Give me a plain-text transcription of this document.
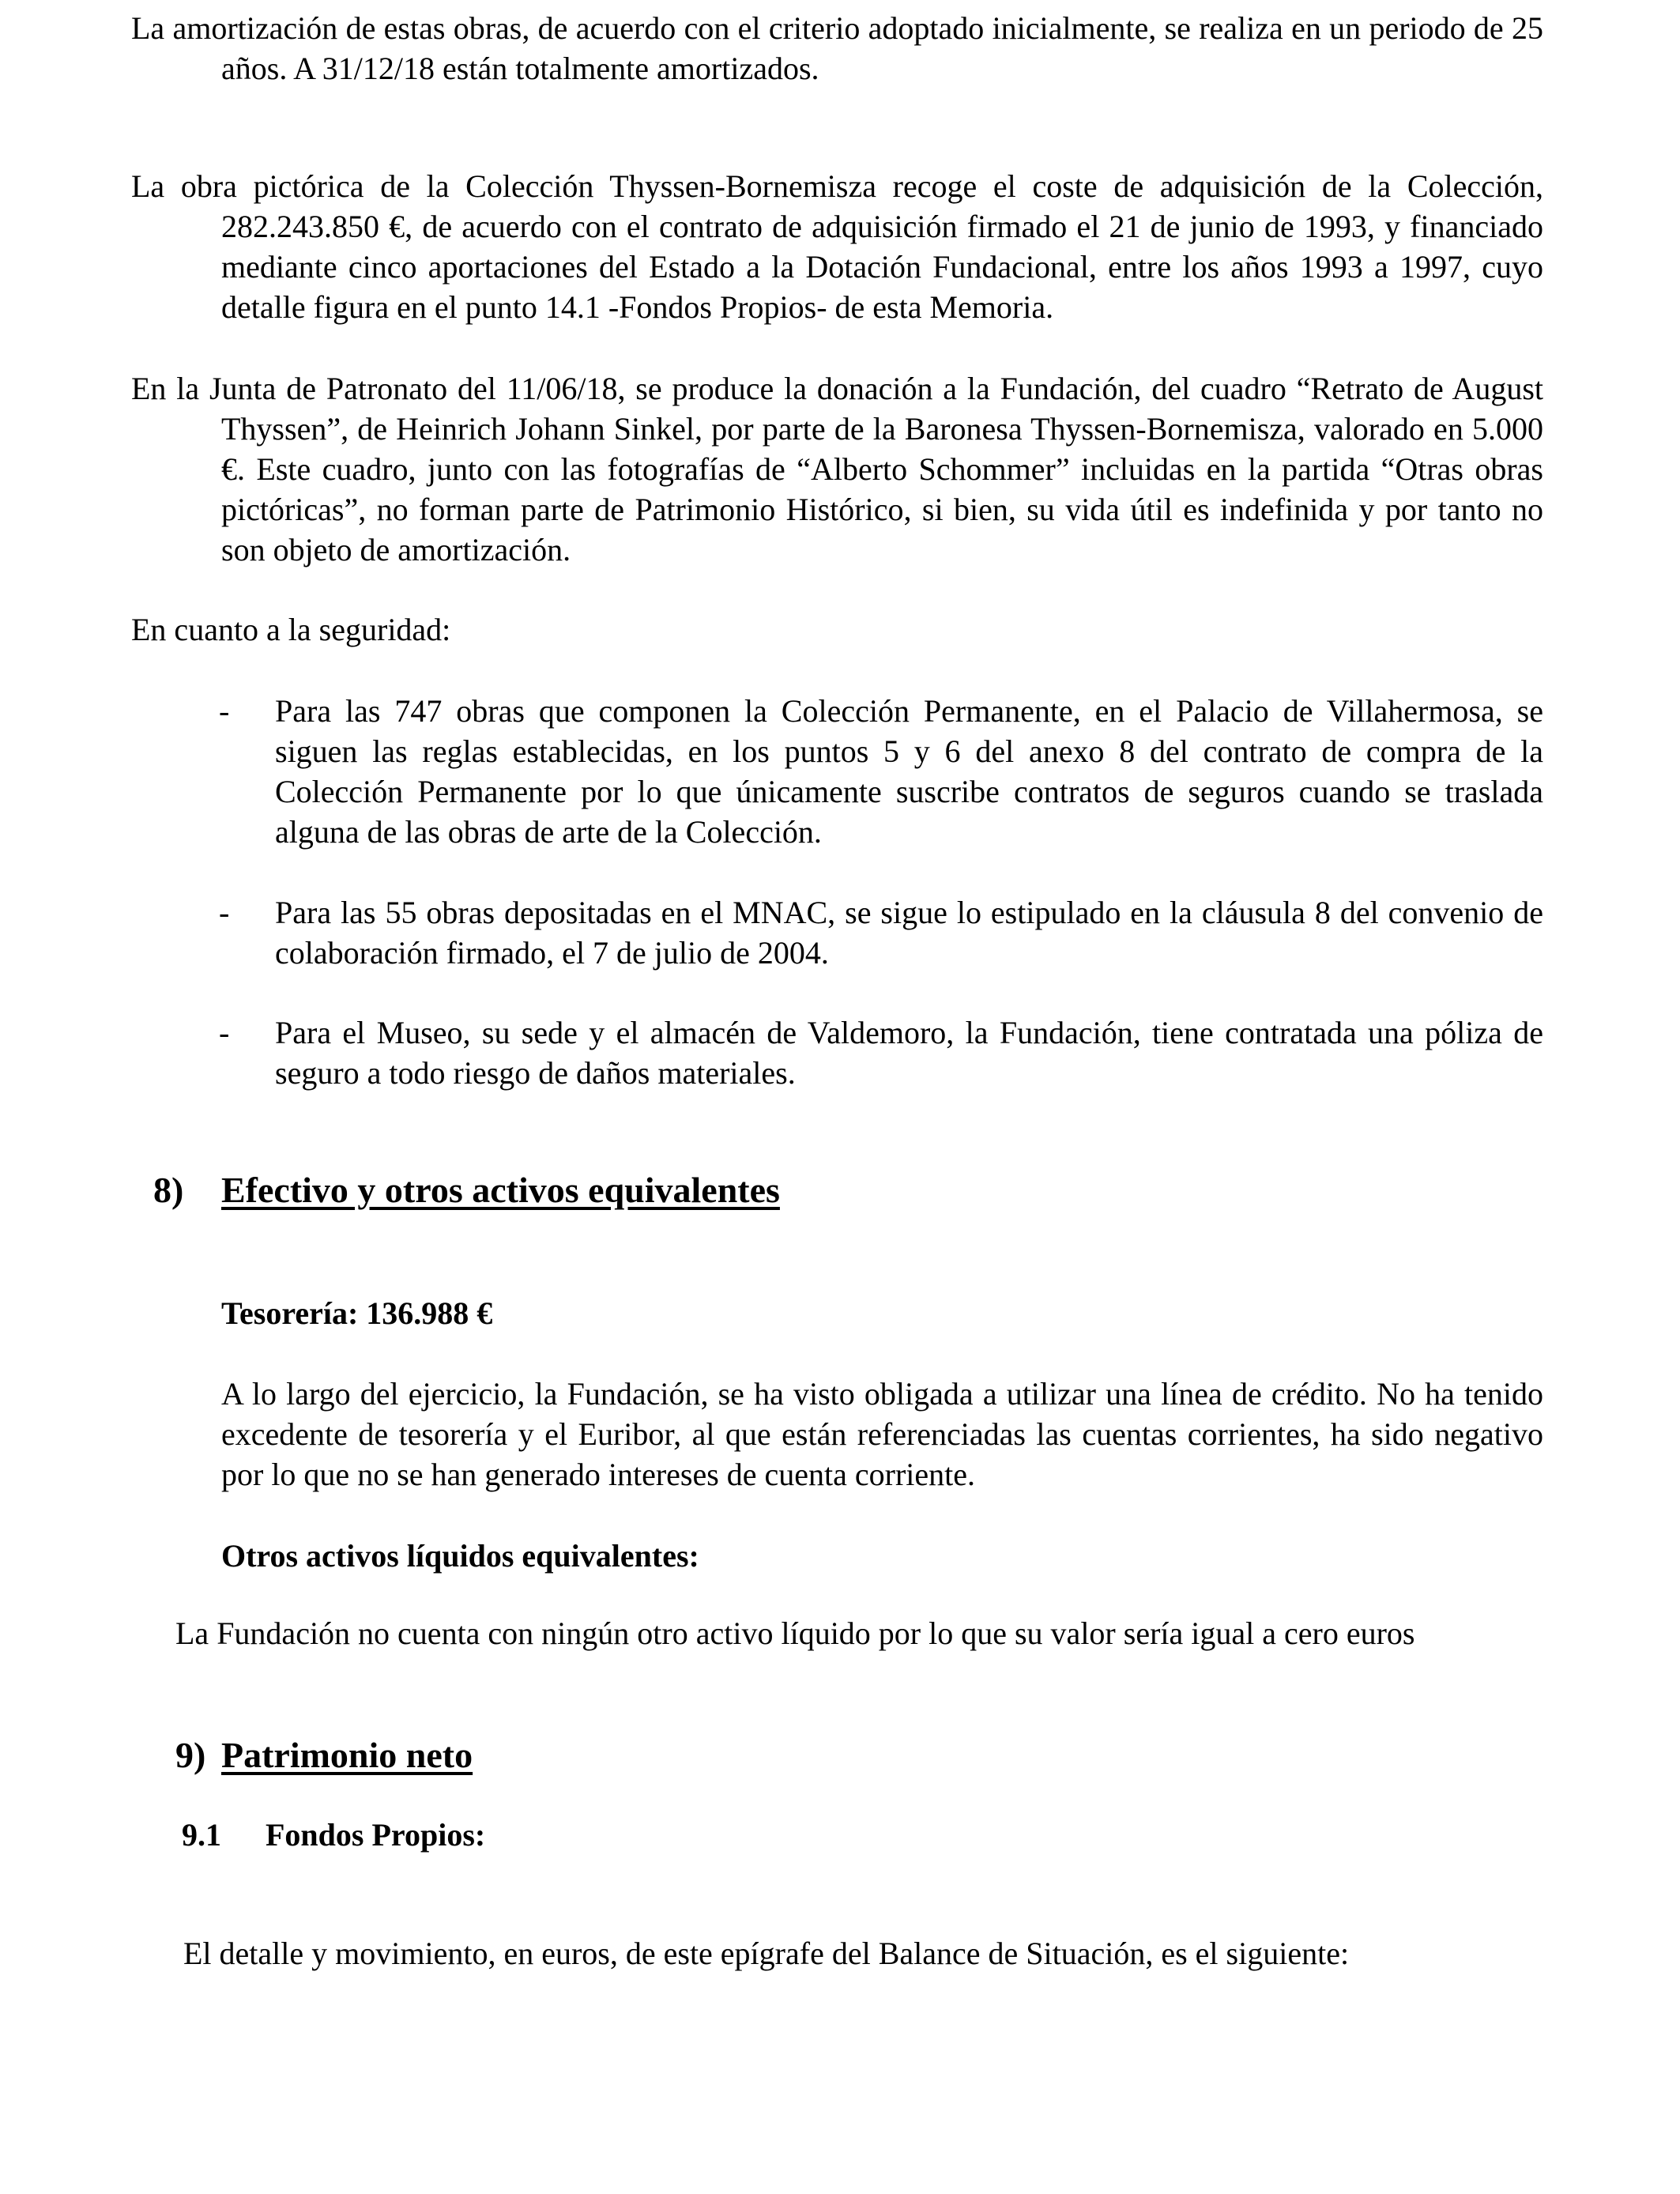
La amortización de estas obras, de acuerdo con el criterio adoptado inicialmente, se realiza en un periodo de 25 años. A 31/12/18 están totalmente amortizados.

La obra pictórica de la Colección Thyssen-Bornemisza recoge el coste de adquisición de la Colección, 282.243.850 €, de acuerdo con el contrato de adquisición firmado el 21 de junio de 1993, y financiado mediante cinco aportaciones del Estado a la Dotación Fundacional, entre los años 1993 a 1997, cuyo detalle figura en el punto 14.1 -Fondos Propios- de esta Memoria.

En la Junta de Patronato del 11/06/18, se produce la donación a la Fundación, del cuadro “Retrato de August Thyssen”, de Heinrich Johann Sinkel, por parte de la Baronesa Thyssen-Bornemisza, valorado en 5.000 €. Este cuadro, junto con las fotografías de “Alberto Schommer” incluidas en la partida “Otras obras pictóricas”, no forman parte de Patrimonio Histórico, si bien, su vida útil es indefinida y por tanto no son objeto de amortización.

En cuanto a la seguridad:

-	Para las 747 obras que componen la Colección Permanente, en el Palacio de Villahermosa, se siguen las reglas establecidas, en los puntos 5 y 6 del anexo 8 del contrato de compra de la Colección Permanente por lo que únicamente suscribe contratos de seguros cuando se traslada alguna de las obras de arte de la Colección.

-	Para las 55 obras depositadas en el MNAC, se sigue lo estipulado en la cláusula 8 del convenio de colaboración firmado, el 7 de julio de 2004.

-	Para el Museo, su sede y el almacén de Valdemoro, la Fundación, tiene contratada una póliza de seguro a todo riesgo de daños materiales.

8) Efectivo y otros activos equivalentes

Tesorería: 136.988 €

A lo largo del ejercicio, la Fundación, se ha visto obligada a utilizar una línea de crédito. No ha tenido excedente de tesorería y el Euribor, al que están referenciadas las cuentas corrientes, ha sido negativo por lo que no se han generado intereses de cuenta corriente.

Otros activos líquidos equivalentes:

La Fundación no cuenta con ningún otro activo líquido por lo que su valor sería igual a cero euros

9) Patrimonio neto
9.1 Fondos Propios:

El detalle y movimiento, en euros, de este epígrafe del Balance de Situación, es el siguiente:
